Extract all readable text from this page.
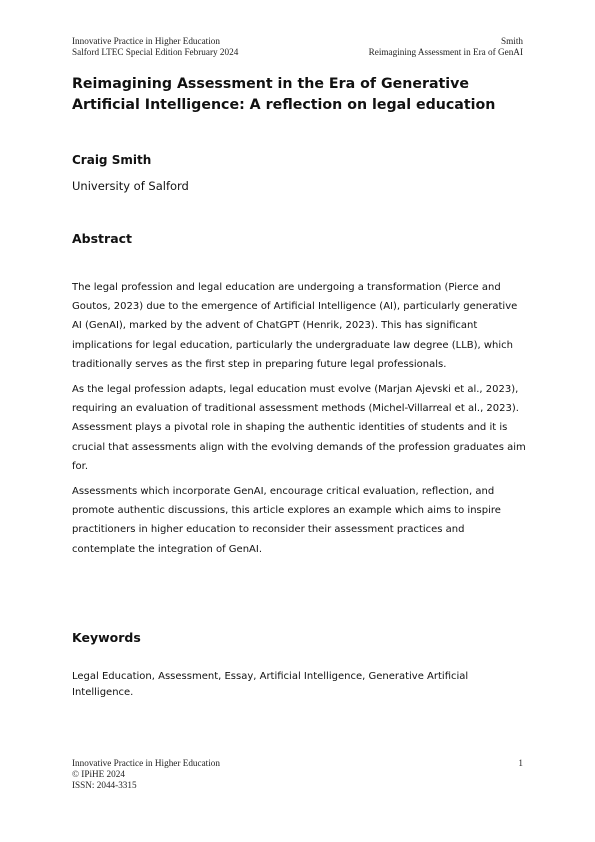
Innovative Practice in Higher Education
Salford LTEC Special Edition February 2024
Smith
Reimagining Assessment in Era of GenAI
Reimagining Assessment in the Era of Generative Artificial Intelligence: A reflection on legal education

Craig Smith

University of Salford

Abstract

The legal profession and legal education are undergoing a transformation (Pierce and Goutos, 2023) due to the emergence of Artificial Intelligence (AI), particularly generative AI (GenAI), marked by the advent of ChatGPT (Henrik, 2023). This has significant implications for legal education, particularly the undergraduate law degree (LLB), which traditionally serves as the first step in preparing future legal professionals.

As the legal profession adapts, legal education must evolve (Marjan Ajevski et al., 2023), requiring an evaluation of traditional assessment methods (Michel-Villarreal et al., 2023). Assessment plays a pivotal role in shaping the authentic identities of students and it is crucial that assessments align with the evolving demands of the profession graduates aim for.

Assessments which incorporate GenAI, encourage critical evaluation, reflection, and promote authentic discussions, this article explores an example which aims to inspire practitioners in higher education to reconsider their assessment practices and contemplate the integration of GenAI.

Keywords

Legal Education, Assessment, Essay, Artificial Intelligence, Generative Artificial Intelligence.

Innovative Practice in Higher Education
© IPiHE 2024
ISSN: 2044-3315
1
